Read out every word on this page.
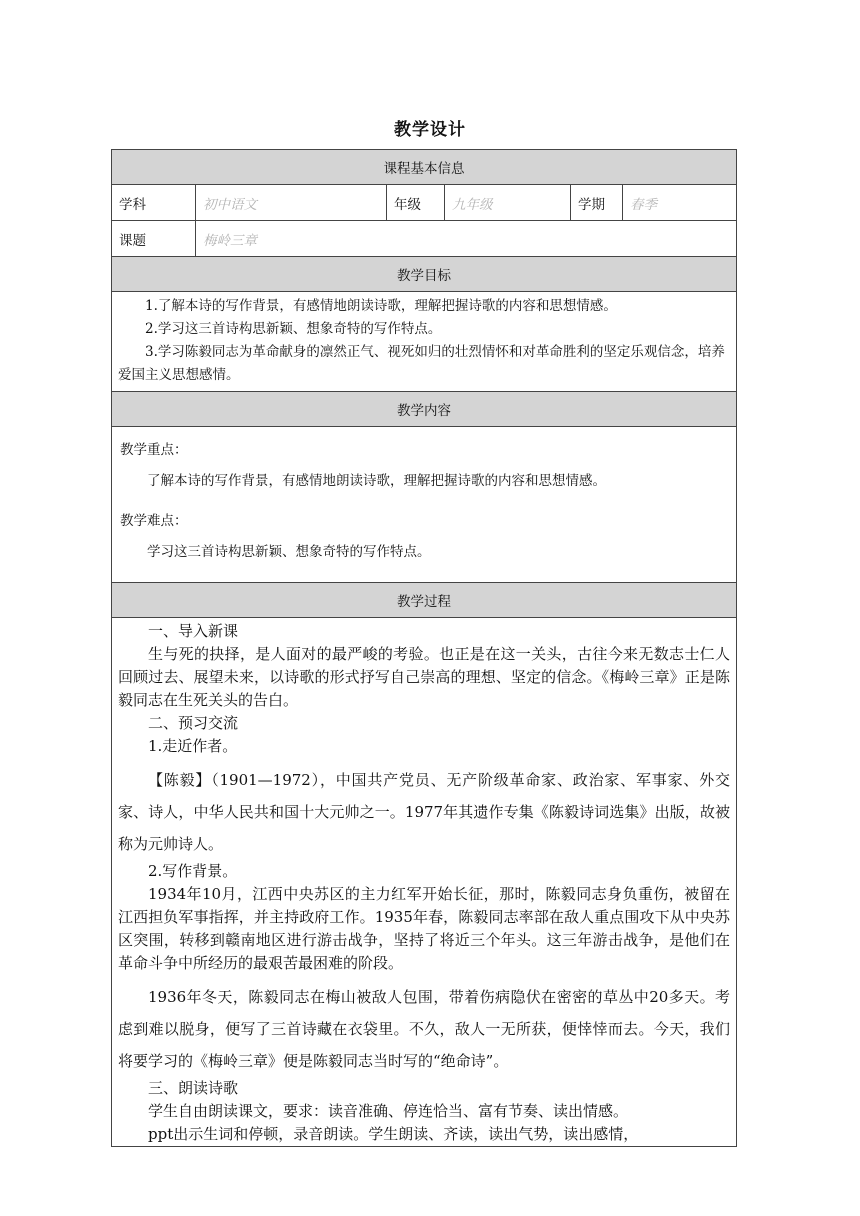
教学设计
课程基本信息
学科	初中语文	年级	九年级	学期	春季
课题	梅岭三章
教学目标

1.了解本诗的写作背景，有感情地朗读诗歌，理解把握诗歌的内容和思想情感。

2.学习这三首诗构思新颖、想象奇特的写作特点。

3.学习陈毅同志为革命献身的凛然正气、视死如归的壮烈情怀和对革命胜利的坚定乐观信念，培养爱国主义思想感情。

教学内容

教学重点：

了解本诗的写作背景，有感情地朗读诗歌，理解把握诗歌的内容和思想情感。

教学难点：

学习这三首诗构思新颖、想象奇特的写作特点。

教学过程

一、导入新课

生与死的抉择，是人面对的最严峻的考验。也正是在这一关头，古往今来无数志士仁人回顾过去、展望未来，以诗歌的形式抒写自己崇高的理想、坚定的信念。《梅岭三章》正是陈毅同志在生死关头的告白。

二、预习交流

1.走近作者。

【陈毅】（1901—1972），中国共产党员、无产阶级革命家、政治家、军事家、外交家、诗人，中华人民共和国十大元帅之一。1977年其遗作专集《陈毅诗词选集》出版，故被称为元帅诗人。

2.写作背景。

1934年10月，江西中央苏区的主力红军开始长征，那时，陈毅同志身负重伤，被留在江西担负军事指挥，并主持政府工作。1935年春，陈毅同志率部在敌人重点围攻下从中央苏区突围，转移到赣南地区进行游击战争，坚持了将近三个年头。这三年游击战争，是他们在革命斗争中所经历的最艰苦最困难的阶段。

1936年冬天，陈毅同志在梅山被敌人包围，带着伤病隐伏在密密的草丛中20多天。考虑到难以脱身，便写了三首诗藏在衣袋里。不久，敌人一无所获，便悻悻而去。今天，我们将要学习的《梅岭三章》便是陈毅同志当时写的“绝命诗”。

三、朗读诗歌

学生自由朗读课文，要求：读音准确、停连恰当、富有节奏、读出情感。

ppt出示生词和停顿，录音朗读。学生朗读、齐读，读出气势，读出感情，
